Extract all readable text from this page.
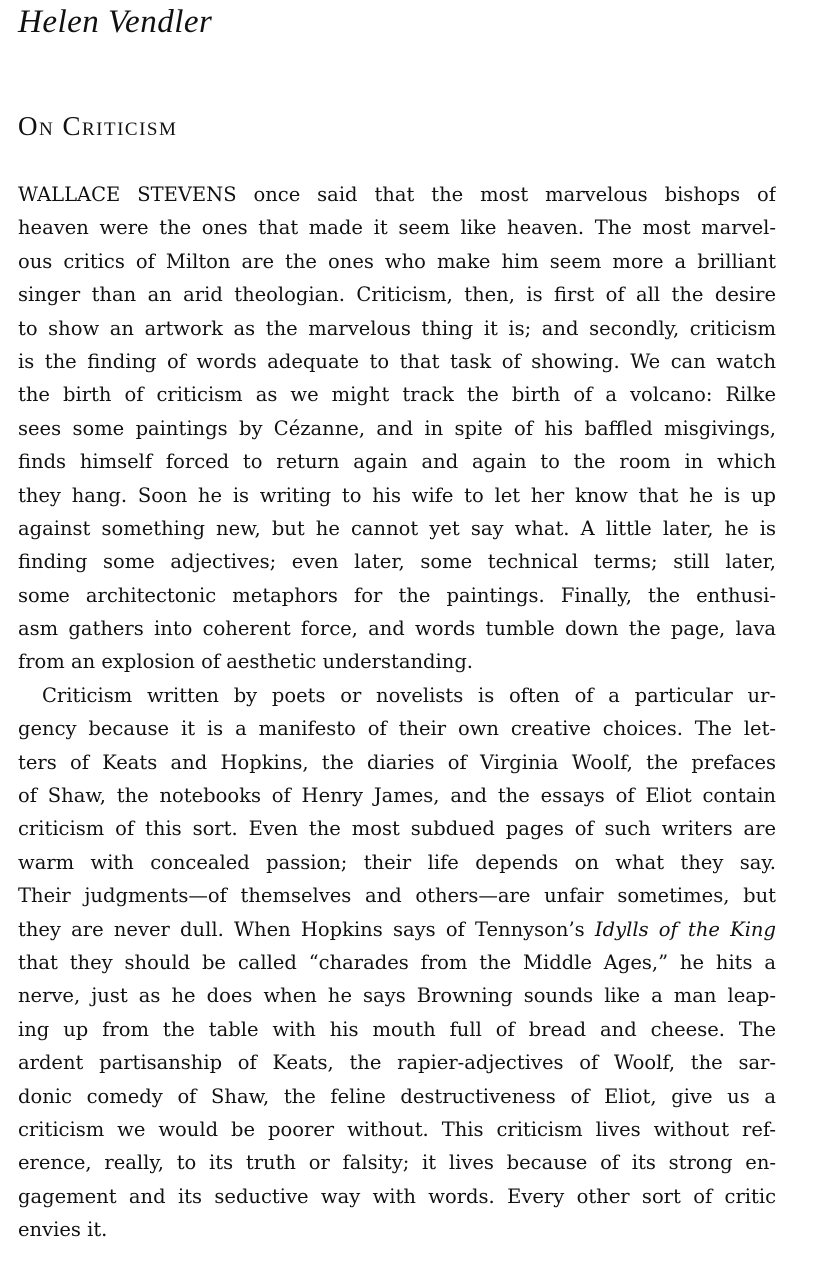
Helen Vendler
On Criticism
WALLACE STEVENS once said that the most marvelous bishops of
heaven were the ones that made it seem like heaven. The most marvel-
ous critics of Milton are the ones who make him seem more a brilliant
singer than an arid theologian. Criticism, then, is first of all the desire
to show an artwork as the marvelous thing it is; and secondly, criticism
is the finding of words adequate to that task of showing. We can watch
the birth of criticism as we might track the birth of a volcano: Rilke
sees some paintings by Cézanne, and in spite of his baffled misgivings,
finds himself forced to return again and again to the room in which
they hang. Soon he is writing to his wife to let her know that he is up
against something new, but he cannot yet say what. A little later, he is
finding some adjectives; even later, some technical terms; still later,
some architectonic metaphors for the paintings. Finally, the enthusi-
asm gathers into coherent force, and words tumble down the page, lava
from an explosion of aesthetic understanding.
Criticism written by poets or novelists is often of a particular ur-
gency because it is a manifesto of their own creative choices. The let-
ters of Keats and Hopkins, the diaries of Virginia Woolf, the prefaces
of Shaw, the notebooks of Henry James, and the essays of Eliot contain
criticism of this sort. Even the most subdued pages of such writers are
warm with concealed passion; their life depends on what they say.
Their judgments—of themselves and others—are unfair sometimes, but
they are never dull. When Hopkins says of Tennyson’s Idylls of the King
that they should be called “charades from the Middle Ages,” he hits a
nerve, just as he does when he says Browning sounds like a man leap-
ing up from the table with his mouth full of bread and cheese. The
ardent partisanship of Keats, the rapier-adjectives of Woolf, the sar-
donic comedy of Shaw, the feline destructiveness of Eliot, give us a
criticism we would be poorer without. This criticism lives without ref-
erence, really, to its truth or falsity; it lives because of its strong en-
gagement and its seductive way with words. Every other sort of critic
envies it.
